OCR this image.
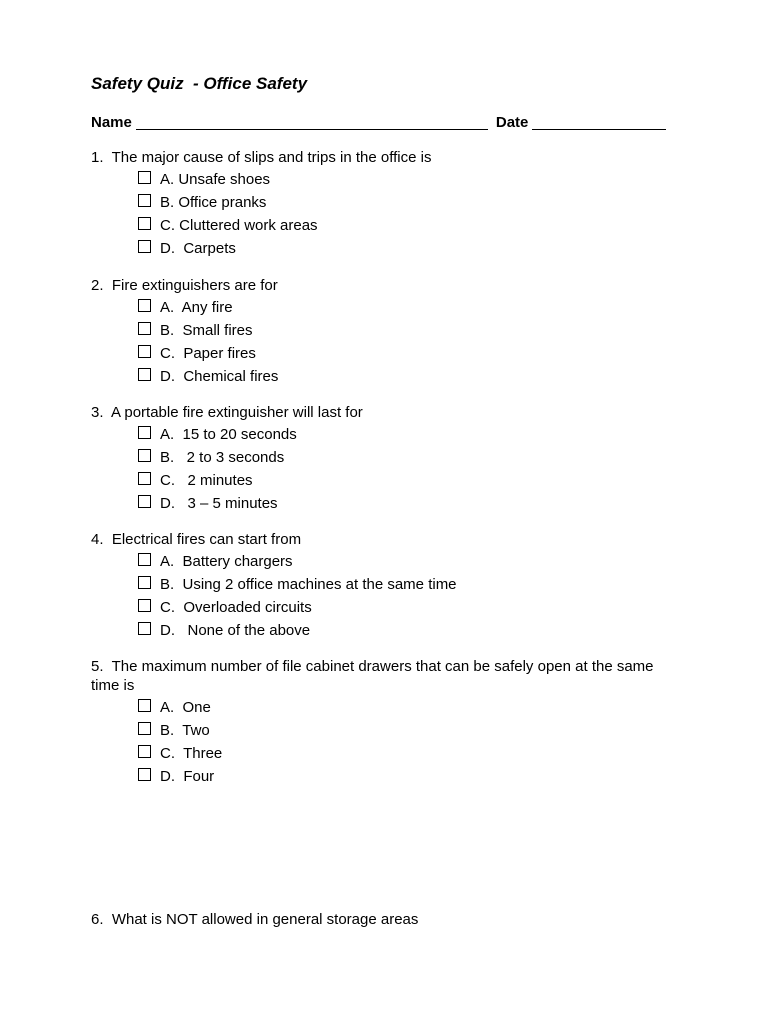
Safety Quiz  - Office Safety
Name	Date

1.  The major cause of slips and trips in the office is

A. Unsafe shoes
B. Office pranks
C. Cluttered work areas
D.  Carpets

2.  Fire extinguishers are for

A.  Any fire
B.  Small fires
C.  Paper fires
D.  Chemical fires

3.  A portable fire extinguisher will last for

A.  15 to 20 seconds
B.   2 to 3 seconds
C.   2 minutes
D.   3 – 5 minutes

4.  Electrical fires can start from

A.  Battery chargers
B.  Using 2 office machines at the same time
C.  Overloaded circuits
D.   None of the above

5.  The maximum number of file cabinet drawers that can be safely open at the same time is

A.  One
B.  Two
C.  Three
D.  Four

6.  What is NOT allowed in general storage areas
